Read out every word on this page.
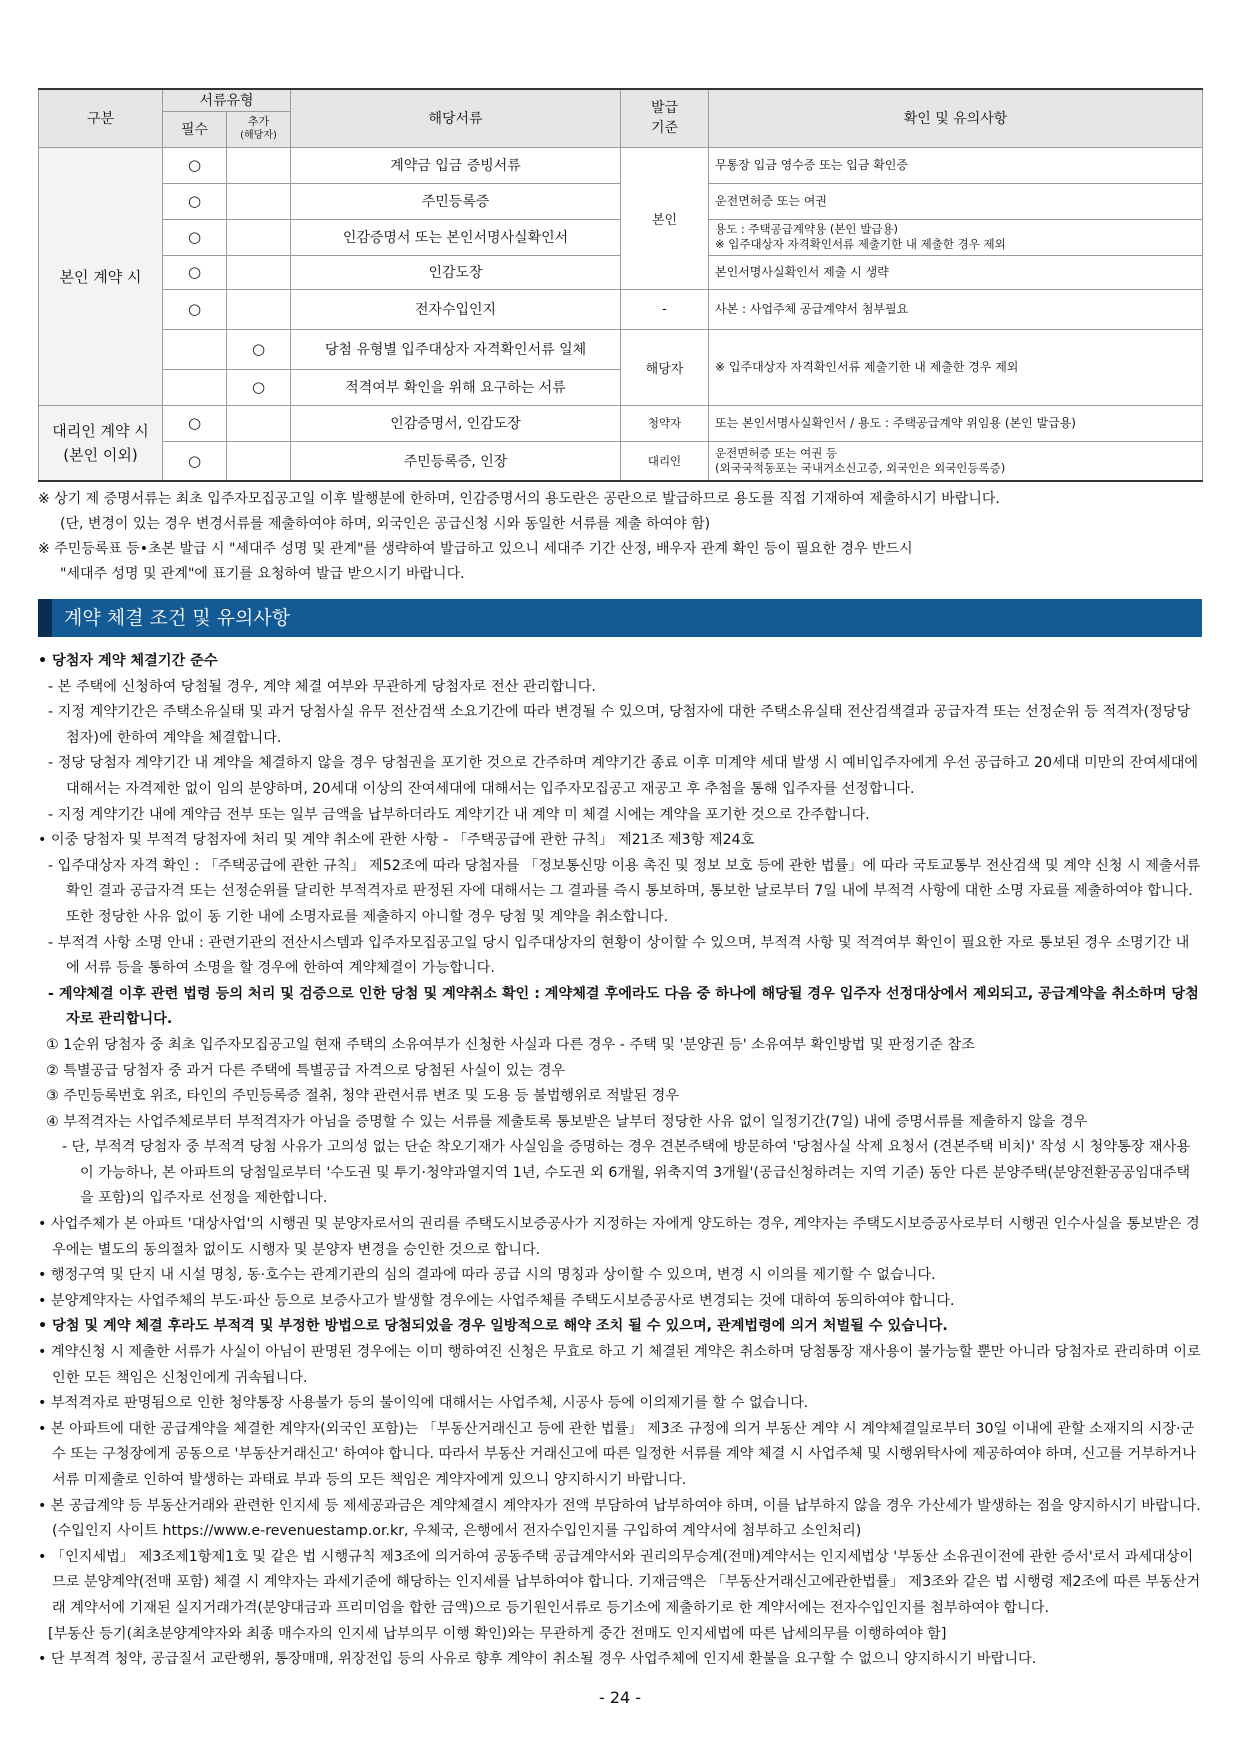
구분	서류유형		해당서류	발급기준	확인 및 유의사항
	필수	추가
(해당자)			

본인 계약 시	○		계약금 입금 증빙서류	본인	무통장 입금 영수증 또는 입금 확인증
	○		주민등록증		운전면허증 또는 여권
	○		인감증명서 또는 본인서명사실확인서		용도 : 주택공급계약용 (본인 발급용)
※ 입주대상자 자격확인서류 제출기한 내 제출한 경우 제외
	○		인감도장		본인서명사실확인서 제출 시 생략
	○		전자수입인지	-	사본 : 사업주체 공급계약서 첨부필요
		○	당첨 유형별 입주대상자 자격확인서류 일체	해당자	※ 입주대상자 자격확인서류 제출기한 내 제출한 경우 제외
		○	적격여부 확인을 위해 요구하는 서류		
대리인 계약 시
(본인 이외)	○		인감증명서, 인감도장	청약자	또는 본인서명사실확인서 / 용도 : 주택공급계약 위임용 (본인 발급용)
	○		주민등록증, 인장	대리인	운전면허증 또는 여권 등
(외국국적동포는 국내거소신고증, 외국인은 외국인등록증)
※ 상기 제 증명서류는 최초 입주자모집공고일 이후 발행분에 한하며, 인감증명서의 용도란은 공란으로 발급하므로 용도를 직접 기재하여 제출하시기 바랍니다.
(단, 변경이 있는 경우 변경서류를 제출하여야 하며, 외국인은 공급신청 시와 동일한 서류를 제출 하여야 함)
※ 주민등록표 등•초본 발급 시 "세대주 성명 및 관계"를 생략하여 발급하고 있으니 세대주 기간 산정, 배우자 관계 확인 등이 필요한 경우 반드시
"세대주 성명 및 관계"에 표기를 요청하여 발급 받으시기 바랍니다.
계약 체결 조건 및 유의사항
• 당첨자 계약 체결기간 준수
- 본 주택에 신청하여 당첨될 경우, 계약 체결 여부와 무관하게 당첨자로 전산 관리합니다.
- 지정 계약기간은 주택소유실태 및 과거 당첨사실 유무 전산검색 소요기간에 따라 변경될 수 있으며, 당첨자에 대한 주택소유실태 전산검색결과 공급자격 또는 선정순위 등 적격자(정당당첨자)에 한하여 계약을 체결합니다.
- 정당 당첨자 계약기간 내 계약을 체결하지 않을 경우 당첨권을 포기한 것으로 간주하며 계약기간 종료 이후 미계약 세대 발생 시 예비입주자에게 우선 공급하고 20세대 미만의 잔여세대에 대해서는 자격제한 없이 임의 분양하며, 20세대 이상의 잔여세대에 대해서는 입주자모집공고 재공고 후 추첨을 통해 입주자를 선정합니다.
- 지정 계약기간 내에 계약금 전부 또는 일부 금액을 납부하더라도 계약기간 내 계약 미 체결 시에는 계약을 포기한 것으로 간주합니다.
• 이중 당첨자 및 부적격 당첨자에 처리 및 계약 취소에 관한 사항 - 「주택공급에 관한 규칙」 제21조 제3항 제24호
- 입주대상자 자격 확인 : 「주택공급에 관한 규칙」 제52조에 따라 당첨자를 「정보통신망 이용 촉진 및 정보 보호 등에 관한 법률」에 따라 국토교통부 전산검색 및 계약 신청 시 제출서류 확인 결과 공급자격 또는 선정순위를 달리한 부적격자로 판정된 자에 대해서는 그 결과를 즉시 통보하며, 통보한 날로부터 7일 내에 부적격 사항에 대한 소명 자료를 제출하여야 합니다. 또한 정당한 사유 없이 동 기한 내에 소명자료를 제출하지 아니할 경우 당첨 및 계약을 취소합니다.
- 부적격 사항 소명 안내 : 관련기관의 전산시스템과 입주자모집공고일 당시 입주대상자의 현황이 상이할 수 있으며, 부적격 사항 및 적격여부 확인이 필요한 자로 통보된 경우 소명기간 내에 서류 등을 통하여 소명을 할 경우에 한하여 계약체결이 가능합니다.
- 계약체결 이후 관련 법령 등의 처리 및 검증으로 인한 당첨 및 계약취소 확인 : 계약체결 후에라도 다음 중 하나에 해당될 경우 입주자 선정대상에서 제외되고, 공급계약을 취소하며 당첨자로 관리합니다.
① 1순위 당첨자 중 최초 입주자모집공고일 현재 주택의 소유여부가 신청한 사실과 다른 경우 - 주택 및 '분양권 등' 소유여부 확인방법 및 판정기준 참조
② 특별공급 당첨자 중 과거 다른 주택에 특별공급 자격으로 당첨된 사실이 있는 경우
③ 주민등록번호 위조, 타인의 주민등록증 절취, 청약 관련서류 변조 및 도용 등 불법행위로 적발된 경우
④ 부적격자는 사업주체로부터 부적격자가 아님을 증명할 수 있는 서류를 제출토록 통보받은 날부터 정당한 사유 없이 일정기간(7일) 내에 증명서류를 제출하지 않을 경우
- 단, 부적격 당첨자 중 부적격 당첨 사유가 고의성 없는 단순 착오기재가 사실임을 증명하는 경우 견본주택에 방문하여 '당첨사실 삭제 요청서 (견본주택 비치)' 작성 시 청약통장 재사용이 가능하나, 본 아파트의 당첨일로부터 '수도권 및 투기·청약과열지역 1년, 수도권 외 6개월, 위축지역 3개월'(공급신청하려는 지역 기준) 동안 다른 분양주택(분양전환공공임대주택을 포함)의 입주자로 선정을 제한합니다.
• 사업주체가 본 아파트 '대상사업'의 시행권 및 분양자로서의 권리를 주택도시보증공사가 지정하는 자에게 양도하는 경우, 계약자는 주택도시보증공사로부터 시행권 인수사실을 통보받은 경우에는 별도의 동의절차 없이도 시행자 및 분양자 변경을 승인한 것으로 합니다.
• 행정구역 및 단지 내 시설 명칭, 동·호수는 관계기관의 심의 결과에 따라 공급 시의 명칭과 상이할 수 있으며, 변경 시 이의를 제기할 수 없습니다.
• 분양계약자는 사업주체의 부도·파산 등으로 보증사고가 발생할 경우에는 사업주체를 주택도시보증공사로 변경되는 것에 대하여 동의하여야 합니다.
• 당첨 및 계약 체결 후라도 부적격 및 부정한 방법으로 당첨되었을 경우 일방적으로 해약 조치 될 수 있으며, 관계법령에 의거 처벌될 수 있습니다.
• 계약신청 시 제출한 서류가 사실이 아님이 판명된 경우에는 이미 행하여진 신청은 무효로 하고 기 체결된 계약은 취소하며 당첨통장 재사용이 불가능할 뿐만 아니라 당첨자로 관리하며 이로 인한 모든 책임은 신청인에게 귀속됩니다.
• 부적격자로 판명됨으로 인한 청약통장 사용불가 등의 불이익에 대해서는 사업주체, 시공사 등에 이의제기를 할 수 없습니다.
• 본 아파트에 대한 공급계약을 체결한 계약자(외국인 포함)는 「부동산거래신고 등에 관한 법률」 제3조 규정에 의거 부동산 계약 시 계약체결일로부터 30일 이내에 관할 소재지의 시장·군수 또는 구청장에게 공동으로 '부동산거래신고' 하여야 합니다. 따라서 부동산 거래신고에 따른 일정한 서류를 계약 체결 시 사업주체 및 시행위탁사에 제공하여야 하며, 신고를 거부하거나 서류 미제출로 인하여 발생하는 과태료 부과 등의 모든 책임은 계약자에게 있으니 양지하시기 바랍니다.
• 본 공급계약 등 부동산거래와 관련한 인지세 등 제세공과금은 계약체결시 계약자가 전액 부담하여 납부하여야 하며, 이를 납부하지 않을 경우 가산세가 발생하는 점을 양지하시기 바랍니다.(수입인지 사이트 https://www.e-revenuestamp.or.kr, 우체국, 은행에서 전자수입인지를 구입하여 계약서에 첨부하고 소인처리)
• 「인지세법」 제3조제1항제1호 및 같은 법 시행규칙 제3조에 의거하여 공동주택 공급계약서와 권리의무승계(전매)계약서는 인지세법상 '부동산 소유권이전에 관한 증서'로서 과세대상이므로 분양계약(전매 포함) 체결 시 계약자는 과세기준에 해당하는 인지세를 납부하여야 합니다. 기재금액은 「부동산거래신고에관한법률」 제3조와 같은 법 시행령 제2조에 따른 부동산거래 계약서에 기재된 실지거래가격(분양대금과 프리미엄을 합한 금액)으로 등기원인서류로 등기소에 제출하기로 한 계약서에는 전자수입인지를 첨부하여야 합니다.
[부동산 등기(최초분양계약자와 최종 매수자의 인지세 납부의무 이행 확인)와는 무관하게 중간 전매도 인지세법에 따른 납세의무를 이행하여야 함]
• 단 부적격 청약, 공급질서 교란행위, 통장매매, 위장전입 등의 사유로 향후 계약이 취소될 경우 사업주체에 인지세 환불을 요구할 수 없으니 양지하시기 바랍니다.
- 24 -
